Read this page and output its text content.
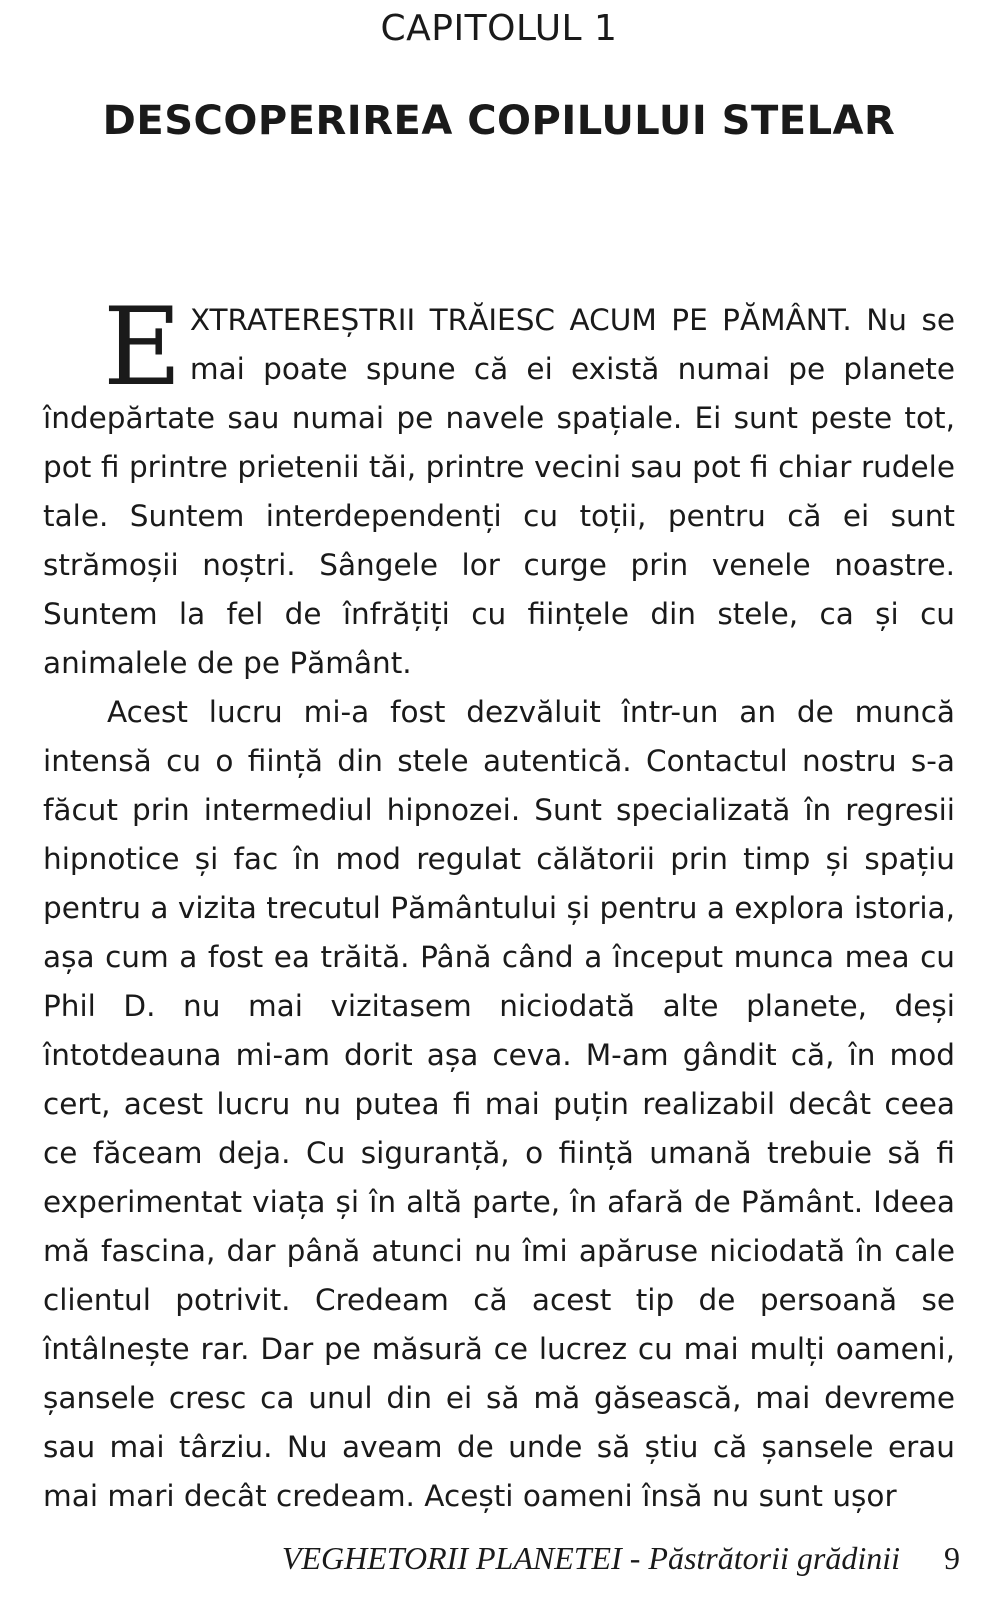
CAPITOLUL 1
DESCOPERIREA COPILULUI STELAR

EXTRATEREȘTRII TRĂIESC ACUM PE PĂMÂNT. Nu se mai poate spune că ei există numai pe planete îndepărtate sau numai pe navele spațiale. Ei sunt peste tot, pot fi printre prietenii tăi, printre vecini sau pot fi chiar rudele tale. Suntem interdependenți cu toții, pentru că ei sunt strămoșii noștri. Sângele lor curge prin venele noastre. Suntem la fel de înfrățiți cu ființele din stele, ca și cu animalele de pe Pământ.

Acest lucru mi-a fost dezvăluit într-un an de muncă intensă cu o ființă din stele autentică. Contactul nostru s-a făcut prin intermediul hipnozei. Sunt specializată în regresii hipnotice și fac în mod regulat călătorii prin timp și spațiu pentru a vizita trecutul Pământului și pentru a explora istoria, așa cum a fost ea trăită. Până când a început munca mea cu Phil D. nu mai vizitasem niciodată alte planete, deși întotdeauna mi-am dorit așa ceva. M-am gândit că, în mod cert, acest lucru nu putea fi mai puțin realizabil decât ceea ce făceam deja. Cu siguranță, o ființă umană trebuie să fi experimentat viața și în altă parte, în afară de Pământ. Ideea mă fascina, dar până atunci nu îmi apăruse niciodată în cale clientul potrivit. Credeam că acest tip de persoană se întâlnește rar. Dar pe măsură ce lucrez cu mai mulți oameni, șansele cresc ca unul din ei să mă găsească, mai devreme sau mai târziu. Nu aveam de unde să știu că șansele erau mai mari decât credeam. Acești oameni însă nu sunt ușor

VEGHETORII PLANETEI - Păstrătorii grădinii 9
